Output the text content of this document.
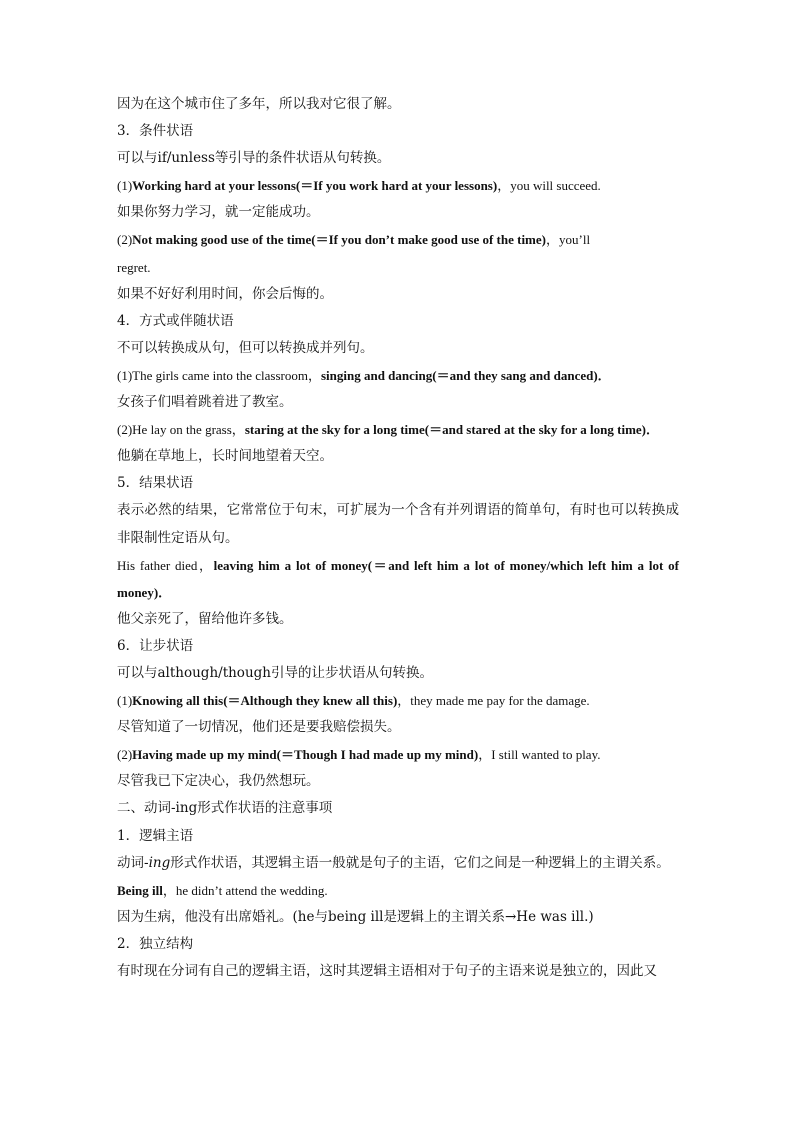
因为在这个城市住了多年，所以我对它很了解。

3．条件状语

可以与if/unless等引导的条件状语从句转换。

(1)Working hard at your lessons(＝If you work hard at your lessons)，you will succeed.

如果你努力学习，就一定能成功。

(2)Not making good use of the time(＝If you don’t make good use of the time)，you’ll

regret.

如果不好好利用时间，你会后悔的。

4．方式或伴随状语

不可以转换成从句，但可以转换成并列句。

(1)The girls came into the classroom，singing and dancing(＝and they sang and danced)．

女孩子们唱着跳着进了教室。

(2)He lay on the grass，staring at the sky for a long time(＝and stared at the sky for a long time)．

他躺在草地上，长时间地望着天空。

5．结果状语

表示必然的结果，它常常位于句末，可扩展为一个含有并列谓语的简单句，有时也可以转换成非限制性定语从句。

His father died，leaving him a lot of money(＝and left him a lot of money/which left him a lot of money)．

他父亲死了，留给他许多钱。

6．让步状语

可以与although/though引导的让步状语从句转换。

(1)Knowing all this(＝Although they knew all this)，they made me pay for the damage.

尽管知道了一切情况，他们还是要我赔偿损失。

(2)Having made up my mind(＝Though I had made up my mind)，I still wanted to play.

尽管我已下定决心，我仍然想玩。

二、动词-ing形式作状语的注意事项

1．逻辑主语

动词-ing形式作状语，其逻辑主语一般就是句子的主语，它们之间是一种逻辑上的主谓关系。

Being ill，he didn’t attend the wedding.

因为生病，他没有出席婚礼。(he与being ill是逻辑上的主谓关系→He was ill.)

2．独立结构

有时现在分词有自己的逻辑主语，这时其逻辑主语相对于句子的主语来说是独立的，因此又
